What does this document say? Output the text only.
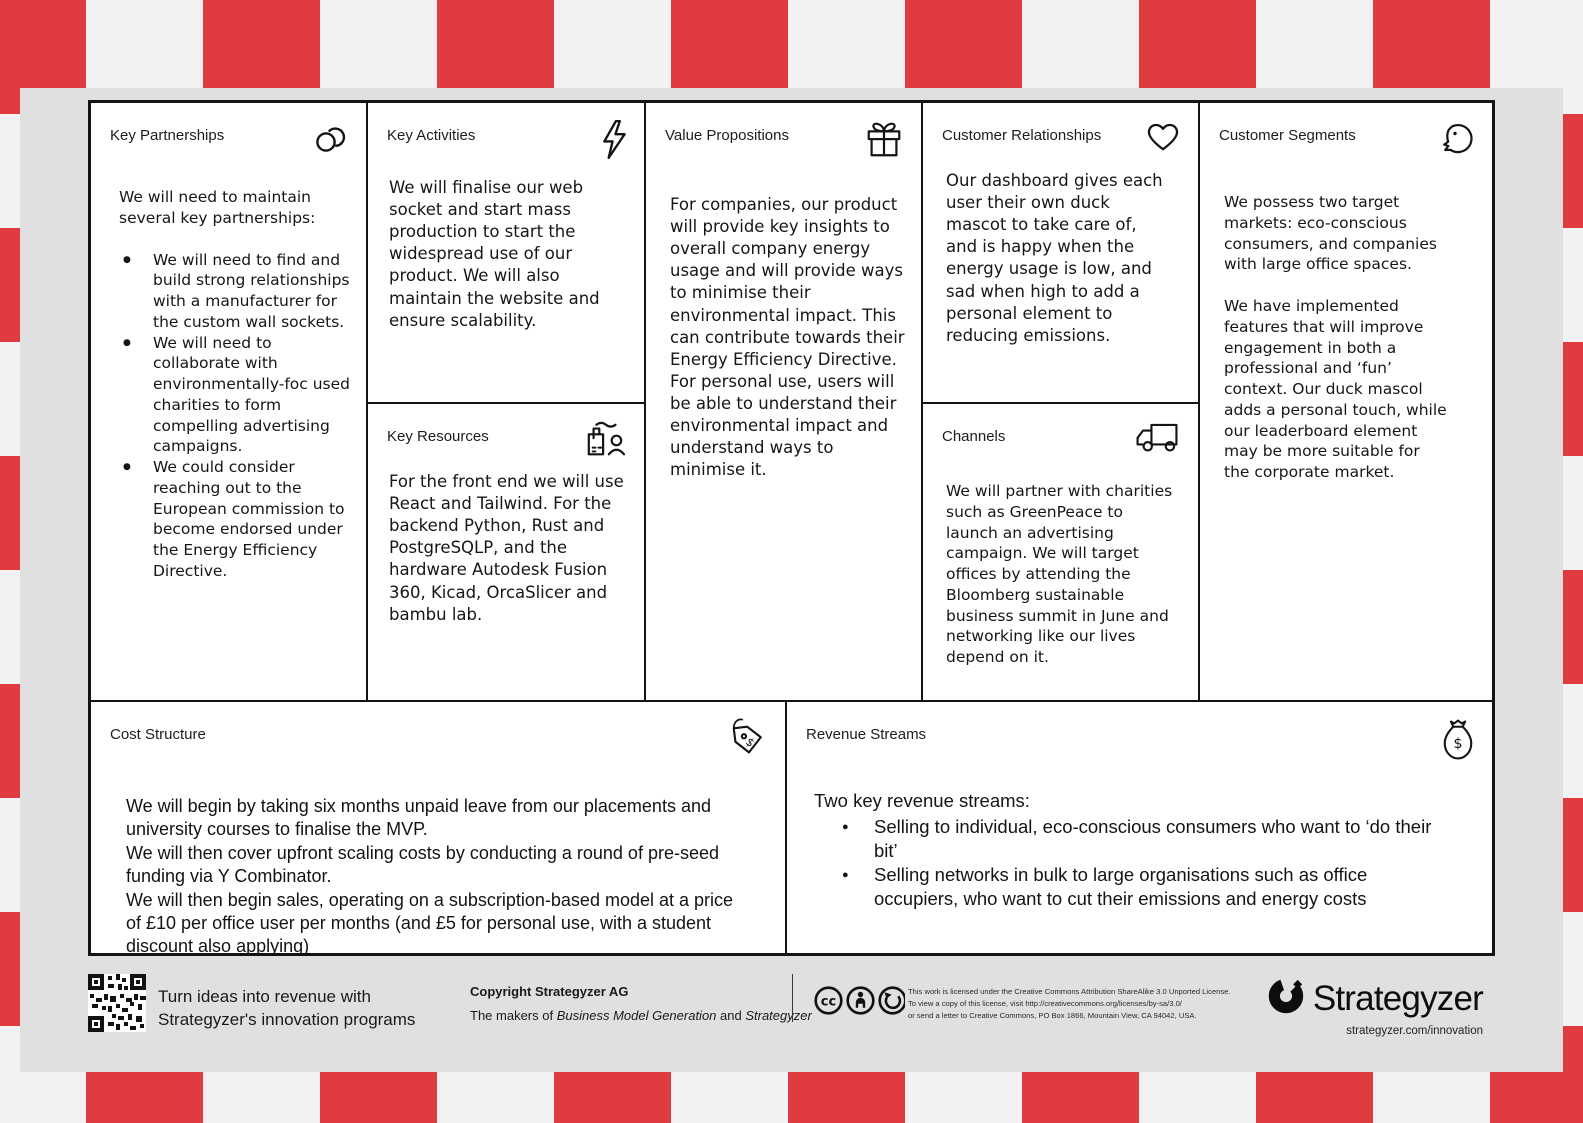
Key Partnerships
We will need to maintain several key partnerships:
● We will need to find and build strong relationships with a manufacturer for the custom wall sockets.
● We will need to collaborate with environmentally-foc used charities to form compelling advertising campaigns.
● We could consider reaching out to the European commission to become endorsed under the Energy Efficiency Directive.
Key Activities
We will finalise our web socket and start mass production to start the widespread use of our product. We will also maintain the website and ensure scalability.
Key Resources
For the front end we will use React and Tailwind. For the backend Python, Rust and PostgreSQLP, and the hardware Autodesk Fusion 360, Kicad, OrcaSlicer and bambu lab.
Value Propositions
For companies, our product will provide key insights to overall company energy usage and will provide ways to minimise their environmental impact. This can contribute towards their Energy Efficiency Directive. For personal use, users will be able to understand their environmental impact and understand ways to minimise it.
Customer Relationships
Our dashboard gives each user their own duck mascot to take care of, and is happy when the energy usage is low, and sad when high to add a personal element to reducing emissions.
Channels
We will partner with charities such as GreenPeace to launch an advertising campaign. We will target offices by attending the Bloomberg sustainable business summit in June and networking like our lives depend on it.
Customer Segments
We possess two target markets: eco-conscious consumers, and companies with large office spaces.
We have implemented features that will improve engagement in both a professional and ‘fun’ context. Our duck mascol adds a personal touch, while our leaderboard element may be more suitable for the corporate market.
Cost Structure	$
We will begin by taking six months unpaid leave from our placements and university courses to finalise the MVP.
We will then cover upfront scaling costs by conducting a round of pre-seed funding via Y Combinator.
We will then begin sales, operating on a subscription-based model at a price of £10 per office user per months (and £5 for personal use, with a student discount also applying)
Revenue Streams
$
Two key revenue streams:
● Selling to individual, eco-conscious consumers who want to ‘do their bit’
● Selling networks in bulk to large organisations such as office occupiers, who want to cut their emissions and energy costs
Turn ideas into revenue with
Strategyzer's innovation programs
Copyright Strategyzer AG
The makers of Business Model Generation and Strategyzer
cc
This work is licensed under the Creative Commons Attribution ShareAlike 3.0 Unported License.
To view a copy of this license, visit http://creativecommons.org/licenses/by-sa/3.0/
or send a letter to Creative Commons, PO Box 1866, Mountain View, CA 94042, USA.	Strategyzer
strategyzer.com/innovation
